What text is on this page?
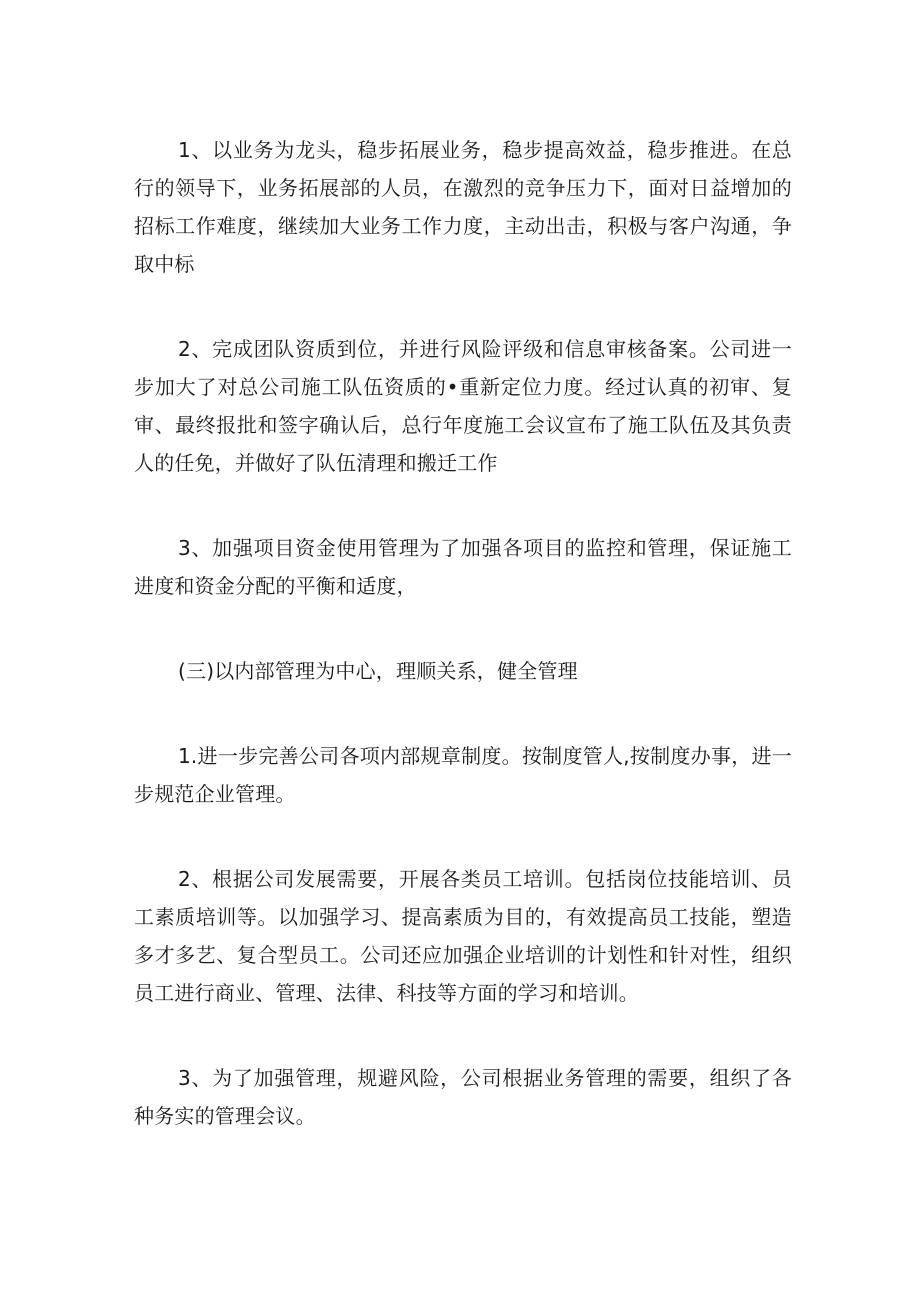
1、以业务为龙头，稳步拓展业务，稳步提高效益，稳步推进。在总行的领导下，业务拓展部的人员，在激烈的竞争压力下，面对日益增加的招标工作难度，继续加大业务工作力度，主动出击，积极与客户沟通，争取中标

2、完成团队资质到位，并进行风险评级和信息审核备案。公司进一步加大了对总公司施工队伍资质的•重新定位力度。经过认真的初审、复审、最终报批和签字确认后，总行年度施工会议宣布了施工队伍及其负责人的任免，并做好了队伍清理和搬迁工作

3、加强项目资金使用管理为了加强各项目的监控和管理，保证施工进度和资金分配的平衡和适度，

(三)以内部管理为中心，理顺关系，健全管理

1.进一步完善公司各项内部规章制度。按制度管人,按制度办事，进一步规范企业管理。

2、根据公司发展需要，开展各类员工培训。包括岗位技能培训、员工素质培训等。以加强学习、提高素质为目的，有效提高员工技能，塑造多才多艺、复合型员工。公司还应加强企业培训的计划性和针对性，组织员工进行商业、管理、法律、科技等方面的学习和培训。

3、为了加强管理，规避风险，公司根据业务管理的需要，组织了各种务实的管理会议。
